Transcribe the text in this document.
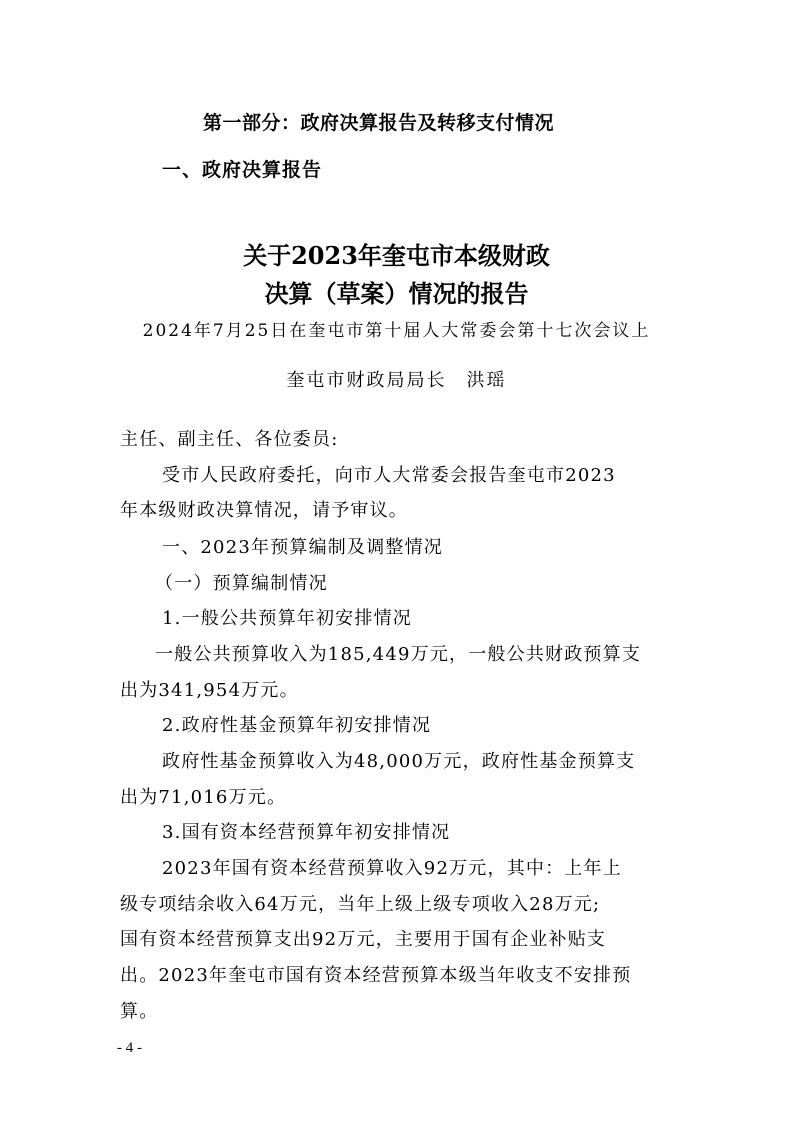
第一部分：政府决算报告及转移支付情况
一、政府决算报告
关于2023年奎屯市本级财政
决算（草案）情况的报告
2024年7月25日在奎屯市第十届人大常委会第十七次会议上
奎屯市财政局局长　洪瑶
主任、副主任、各位委员:
受市人民政府委托，向市人大常委会报告奎屯市2023
年本级财政决算情况，请予审议。
一、2023年预算编制及调整情况
（一）预算编制情况
1.一般公共预算年初安排情况
一般公共预算收入为185,449万元，一般公共财政预算支
出为341,954万元。
2.政府性基金预算年初安排情况
政府性基金预算收入为48,000万元，政府性基金预算支
出为71,016万元。
3.国有资本经营预算年初安排情况
2023年国有资本经营预算收入92万元，其中：上年上
级专项结余收入64万元，当年上级上级专项收入28万元;
国有资本经营预算支出92万元，主要用于国有企业补贴支
出。2023年奎屯市国有资本经营预算本级当年收支不安排预
算。
- 4 -
